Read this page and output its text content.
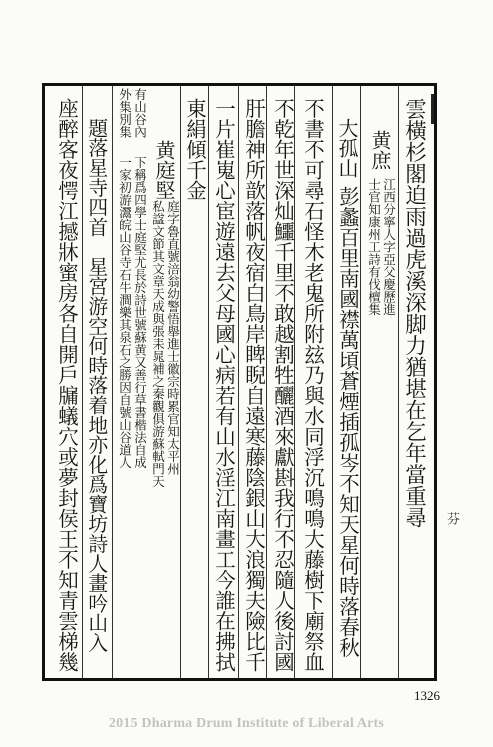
雲橫杉閣迫雨過虎溪深脚力猶堪在乞年當重尋
黄庶
江西分寧人字亞父慶歷進
士官知康州工詩有伐檀集
大孤山
彭蠡百里南國襟萬頃蒼煙插孤岑不知天星何時落春秋
不書不可尋石怪木老鬼所附玆乃與水同浮沉鳴鳴大藤樹下廟祭血
不乾年世深灿鱷千里不敢越割牲釃酒來獻斟我行不忍隨人後討國
肝膽神所歆落帆夜宿白鳥岸睥睨自遠寒藤陰銀山大浪獨夫險比千
一片崔嵬心宦遊遠去父母國心病若有山水淫江南畫工今誰在拂拭
東絹傾千金
黄庭堅
庭字魯直號涪翁幼警悟舉進士徽宗時累官知太平州
私諡文節其文章天成與張耒晁補之秦觀俱游蘇軾門天
下稱爲四學士庭堅尤長於詩世號蘇黄又善行草書楷法自成
一家初游灊皖山谷寺石牛澗樂其泉石之勝因自號山谷道人
有山谷內
外集別集
題落星寺四首　星宮游空何時落着地亦化爲寶坊詩人畫吟山入
座醉客夜愕江撼牀蜜房各自開戶牖蟻穴或夢封侯王不知青雲梯幾	芬
1326
2015 Dharma Drum Institute of Liberal Arts
